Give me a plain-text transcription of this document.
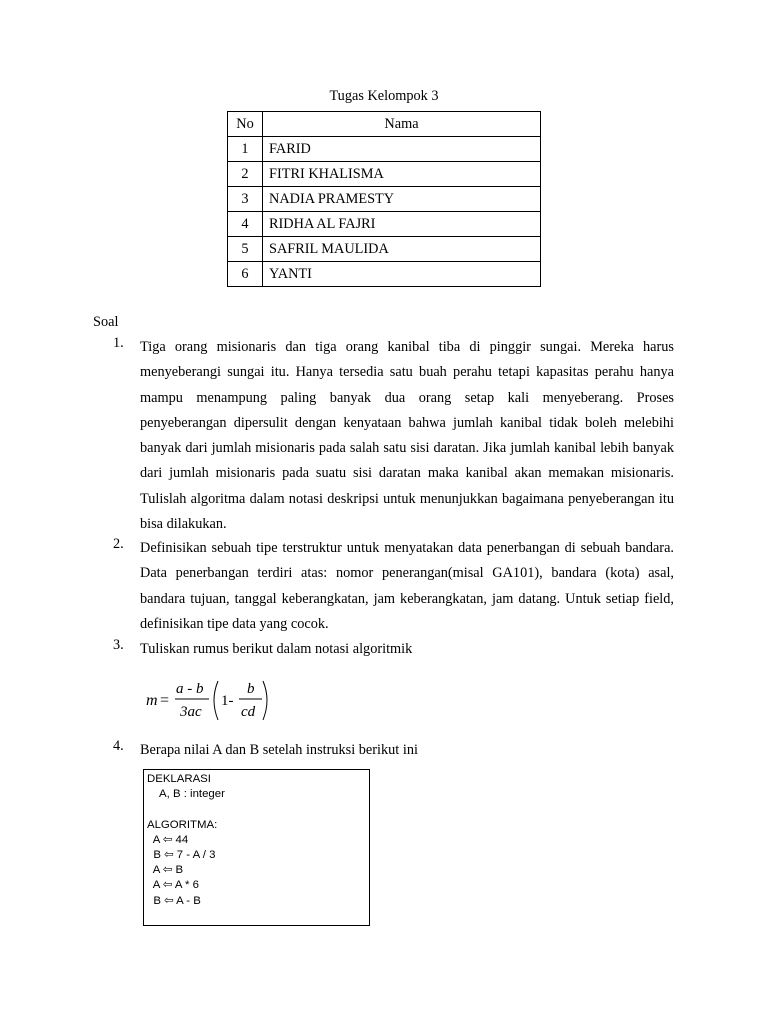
Tugas Kelompok 3
No	Nama
1	FARID
2	FITRI KHALISMA
3	NADIA PRAMESTY
4	RIDHA AL FAJRI
5	SAFRIL MAULIDA
6	YANTI
Soal
1.	Tiga orang misionaris dan tiga orang kanibal tiba di pinggir sungai. Mereka harus menyeberangi sungai itu. Hanya tersedia satu buah perahu tetapi kapasitas perahu hanya mampu menampung paling banyak dua orang setap kali menyeberang. Proses penyeberangan dipersulit dengan kenyataan bahwa jumlah kanibal tidak boleh melebihi banyak dari jumlah misionaris pada salah satu sisi daratan. Jika jumlah kanibal lebih banyak dari jumlah misionaris pada suatu sisi daratan maka kanibal akan memakan misionaris. Tulislah algoritma dalam notasi deskripsi untuk menunjukkan bagaimana penyeberangan itu bisa dilakukan.
2.	Definisikan sebuah tipe terstruktur untuk menyatakan data penerbangan di sebuah bandara. Data penerbangan terdiri atas: nomor penerangan(misal GA101), bandara (kota) asal, bandara tujuan, tanggal keberangkatan, jam keberangkatan, jam datang. Untuk setiap field, definisikan tipe data yang cocok.
3.	Tuliskan rumus berikut dalam notasi algoritmik
m =
a - b
3ac
1-
b
cd
4.	Berapa nilai A dan B setelah instruksi berikut ini
DEKLARASI
A, B : integer
ALGORITMA:
A ⇦ 44
B ⇦ 7 - A / 3
A ⇦ B
A ⇦ A * 6
B ⇦ A - B
